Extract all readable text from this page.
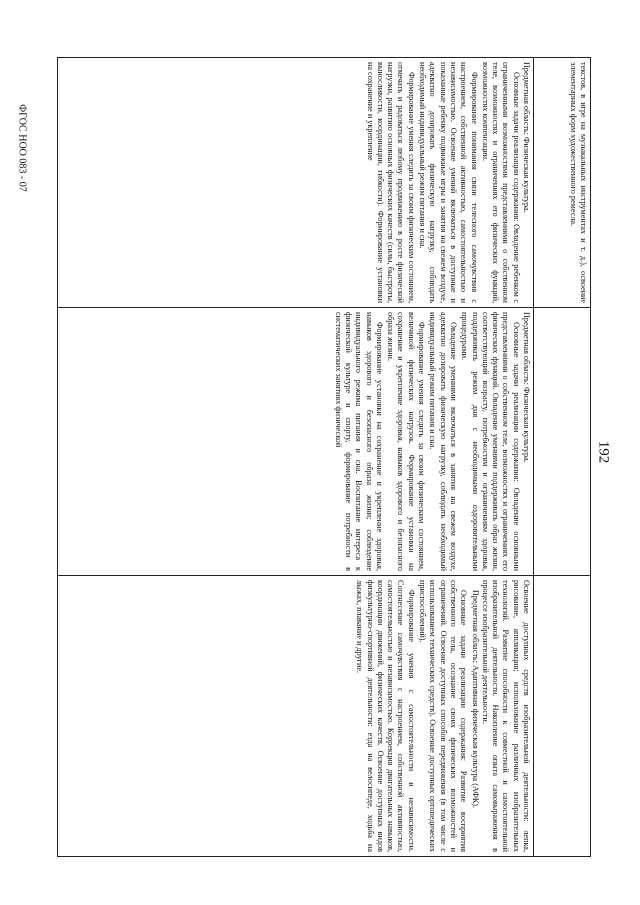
192
ФГОС НОО 083 - 07	текстов, в игре на музыкальных инструментах и т. д.), освоение элементарных форм художественного ремесла.

Предметная область: Физическая культура.

Основные задачи реализации содержания: Овладение ребенком с ограниченными возможностями представлениями о собственном теле, возможностях и ограничениях его физических функций, возможностях компенсации.

Формирование понимания связи телесного самочувствия с настроением, собственной активностью, самостоятельностью и независимостью. Освоение умений включаться в доступные и показанные ребенку подвижные игры и занятия на свежем воздухе, адекватно дозировать физическую нагрузку, соблюдать необходимый индивидуальный режим питания и сна.

Формирование умения следить за своим физическим состоянием, отмечать и радоваться любому продвижению в росте физической нагрузки, развитию основных физических качеств (силы, быстроты, выносливости, координации, гибкости). Формирование установки на сохранение и укрепление

Предметная область: Физическая культура.

Основные задачи реализации содержания: Овладение основными представлениями о собственном теле, возможностях и ограничениях его физических функций. Овладение умениями поддерживать образ жизни, соответствующий возрасту, потребностям и ограничениям здоровья, поддерживать режим дня с необходимыми оздоровительными процедурами.

Овладение умениями включаться в занятия на свежем воздухе, адекватно дозировать физическую нагрузку, соблюдать необходимый индивидуальный режим питания и сна.

Формирование умения следить за своим физическим состоянием, величиной физических нагрузок. Формирование установки на сохранение и укрепление здоровья, навыков здорового и безопасного образа жизни.

Формирование установки на сохранение и укрепление здоровья, навыков здорового и безопасного образа жизни; соблюдение индивидуального режима питания и сна. Воспитание интереса к физической культуре и спорту, формирование потребности в систематических занятиях физической

Освоение доступных средств изобразительной деятельности: лепка, рисование, аппликация; использование различных изобразительных технологий. Развитие способности к совместной и самостоятельной изобразительной деятельности. Накопление опыта самовыражения в процессе изобразительной деятельности.

Предметная область: Адаптивная физическая культура (АФК).

Основные задачи реализации содержания: Развитие восприятия собственного тела, осознание своих физических возможностей и ограничений. Освоение доступных способов передвижения (в том числе с использованием технических средств). Освоение доступных ортопедических приспособлений).

Формирование умения с самостоятельности и независимости. Соотнесение самочувствия с настроением, собственной активностью, самостоятельностью и независимостью. Коррекция двигательных навыков, координации движений, физических качеств. Освоение доступных видов физкультурно-спортивной деятельности: езда на велосипеде, ходьба на лыжах, плавание и другие.
